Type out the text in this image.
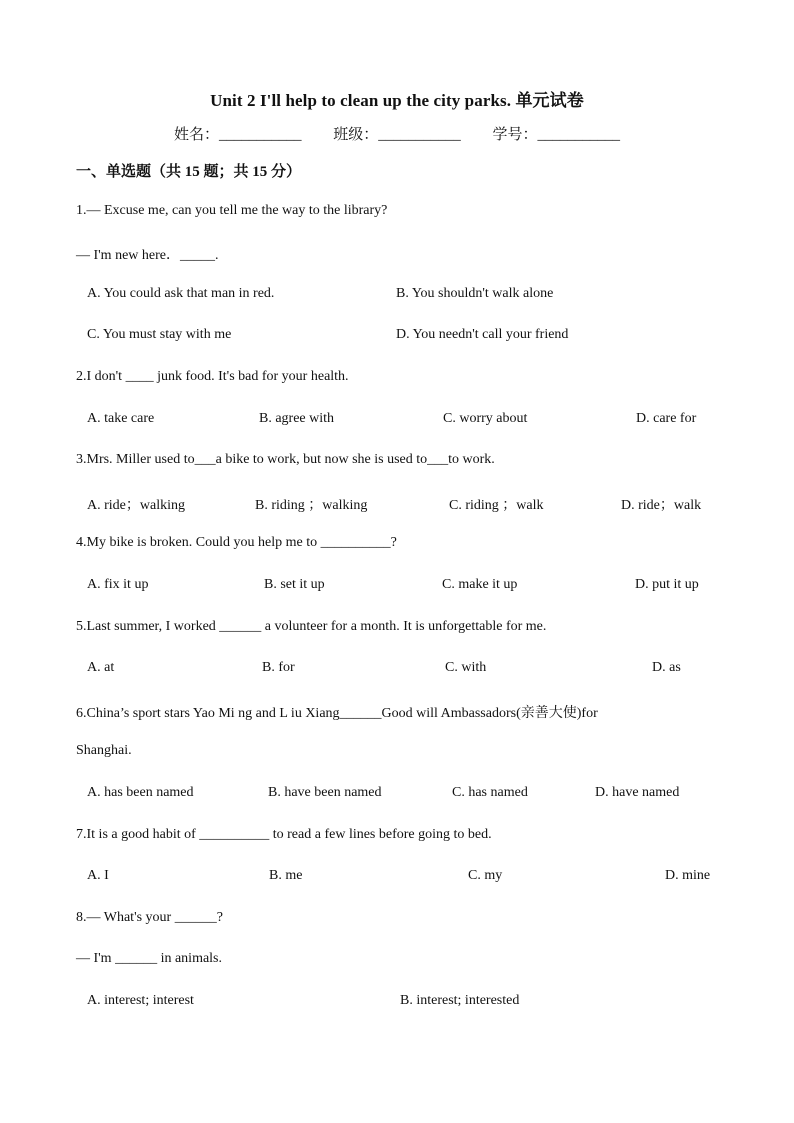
Unit 2 I'll help to clean up the city parks. 单元试卷
姓名：___________ 班级：___________ 学号：___________
一、单选题（共 15 题；共 15 分）
1.— Excuse me, can you tell me the way to the library?
— I'm new here．_____.
A. You could ask that man in red.	B. You shouldn't walk alone
C. You must stay with me	D. You needn't call your friend
2.I don't ____ junk food. It's bad for your health.
A. take care	B. agree with	C. worry about	D. care for
3.Mrs. Miller used to___a bike to work, but now she is used to___to work.
A. ride；walking	B. riding ；walking	C. riding ；walk	D. ride；walk
4.My bike is broken. Could you help me to __________?
A. fix it up	B. set it up	C. make it up	D. put it up
5.Last summer, I worked ______ a volunteer for a month. It is unforgettable for me.
A. at	B. for	C. with	D. as
6.China’s sport stars Yao Mi ng and L iu Xiang______Good will Ambassadors(亲善大使)for
Shanghai.
A. has been named	B. have been named	C. has named	D. have named
7.It is a good habit of __________ to read a few lines before going to bed.
A. I	B. me	C. my	D. mine
8.— What's your ______?
— I'm ______ in animals.
A. interest; interest	B. interest; interested
